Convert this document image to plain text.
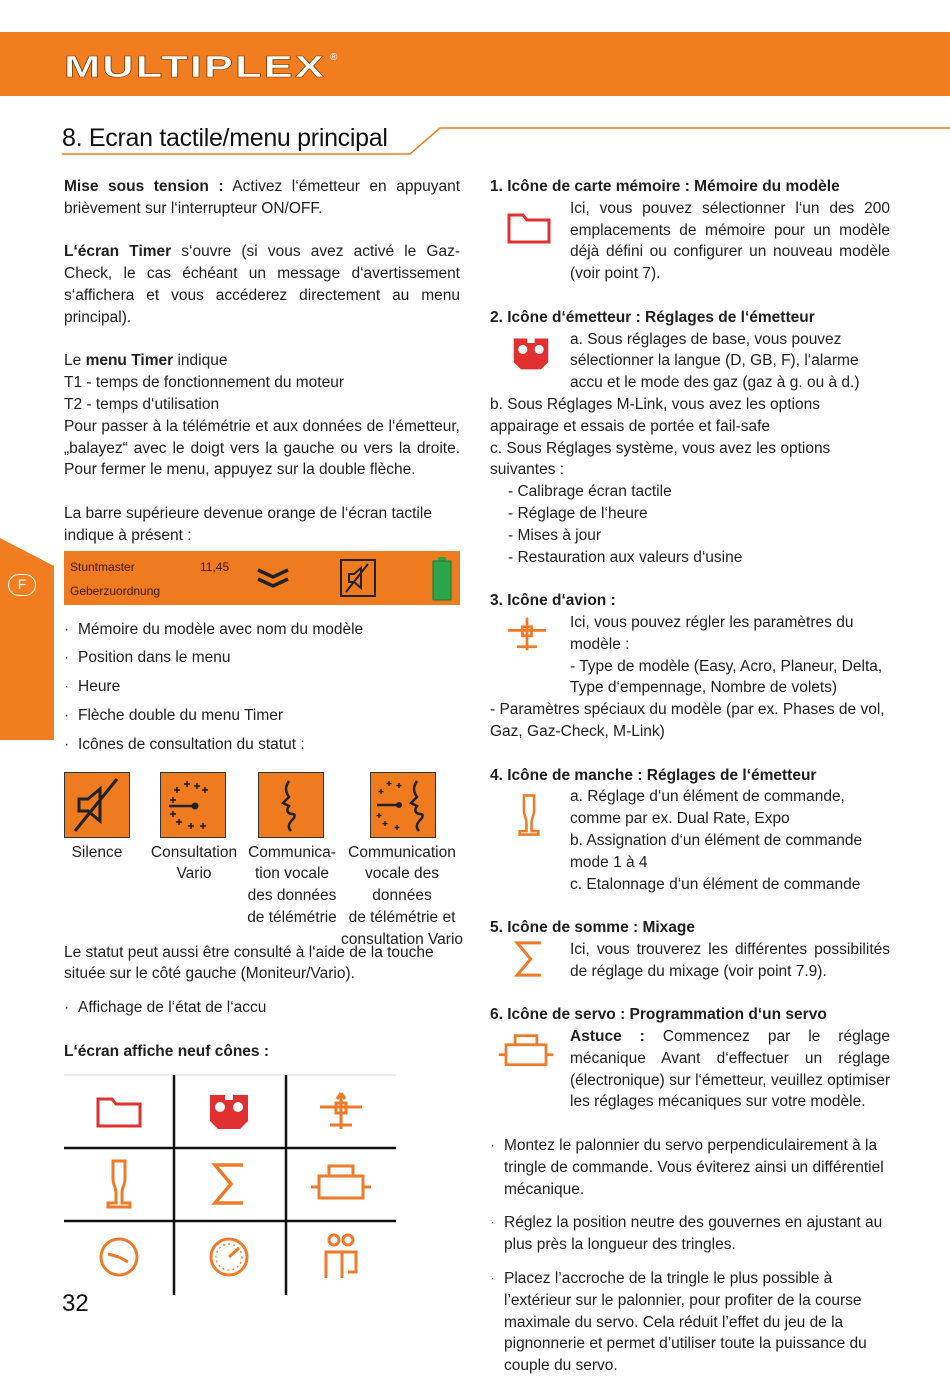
MULTIPLEX ®
8. Ecran tactile/menu principal
F
Mise sous tension : Activez l‘émetteur en appuyant brièvement sur l‘interrupteur ON/OFF.
L‘écran Timer s‘ouvre (si vous avez activé le Gaz-Check, le cas échéant un message d‘avertissement s‘affichera et vous accéderez directement au menu principal).
Le menu Timer indique
T1 - temps de fonctionnement du moteur
T2 - temps d‘utilisation
Pour passer à la télémétrie et aux données de l‘émetteur, „balayez“ avec le doigt vers la gauche ou vers la droite. Pour fermer le menu, appuyez sur la double flèche.
La barre supérieure devenue orange de l‘écran tactile indique à présent :
Stuntmaster
Geberzuordnung
11,45
· Mémoire du modèle avec nom du modèle
· Position dans le menu
· Heure
· Flèche double du menu Timer
· Icônes de consultation du statut :
Silence	Consultation
Vario
Communica-
tion vocale
des données
de télémétrie
Communication
vocale des données
de télémétrie et
consultation Vario
Le statut peut aussi être consulté à l‘aide de la touche située sur le côté gauche (Moniteur/Vario).
· Affichage de l‘état de l‘accu
L‘écran affiche neuf cônes :
1. Icône de carte mémoire : Mémoire du modèle
Ici, vous pouvez sélectionner l‘un des 200 emplacements de mémoire pour un modèle déjà défini ou configurer un nouveau modèle (voir point 7).
2. Icône d‘émetteur : Réglages de l‘émetteur
a. Sous réglages de base, vous pouvez sélectionner la langue (D, GB, F), l‘alarme accu et le mode des gaz (gaz à g. ou à d.)
b. Sous Réglages M-Link, vous avez les options appairage et essais de portée et fail-safe
c. Sous Réglages système, vous avez les options suivantes :
- Calibrage écran tactile
- Réglage de l‘heure
- Mises à jour
- Restauration aux valeurs d‘usine
3. Icône d‘avion :
Ici, vous pouvez régler les paramètres du modèle :
- Type de modèle (Easy, Acro, Planeur, Delta, Type d‘empennage, Nombre de volets)
- Paramètres spéciaux du modèle (par ex. Phases de vol, Gaz, Gaz-Check, M-Link)
4. Icône de manche : Réglages de l‘émetteur
a. Réglage d‘un élément de commande, comme par ex. Dual Rate, Expo
b. Assignation d‘un élément de commande mode 1 à 4
c. Etalonnage d‘un élément de commande
5. Icône de somme : Mixage
Ici, vous trouverez les différentes possibilités de réglage du mixage (voir point 7.9).
6. Icône de servo : Programmation d‘un servo
Astuce : Commencez par le réglage mécanique Avant d‘effectuer un réglage (électronique) sur l‘émetteur, veuillez optimiser les réglages mécaniques sur votre modèle.
· Montez le palonnier du servo perpendiculairement à la tringle de commande. Vous éviterez ainsi un différentiel mécanique.
· Réglez la position neutre des gouvernes en ajustant au plus près la longueur des tringles.
· Placez l’accroche de la tringle le plus possible à l’extérieur sur le palonnier, pour profiter de la course maximale du servo. Cela réduit l’effet du jeu de la pignonnerie et permet d’utiliser toute la puissance du couple du servo.
32
